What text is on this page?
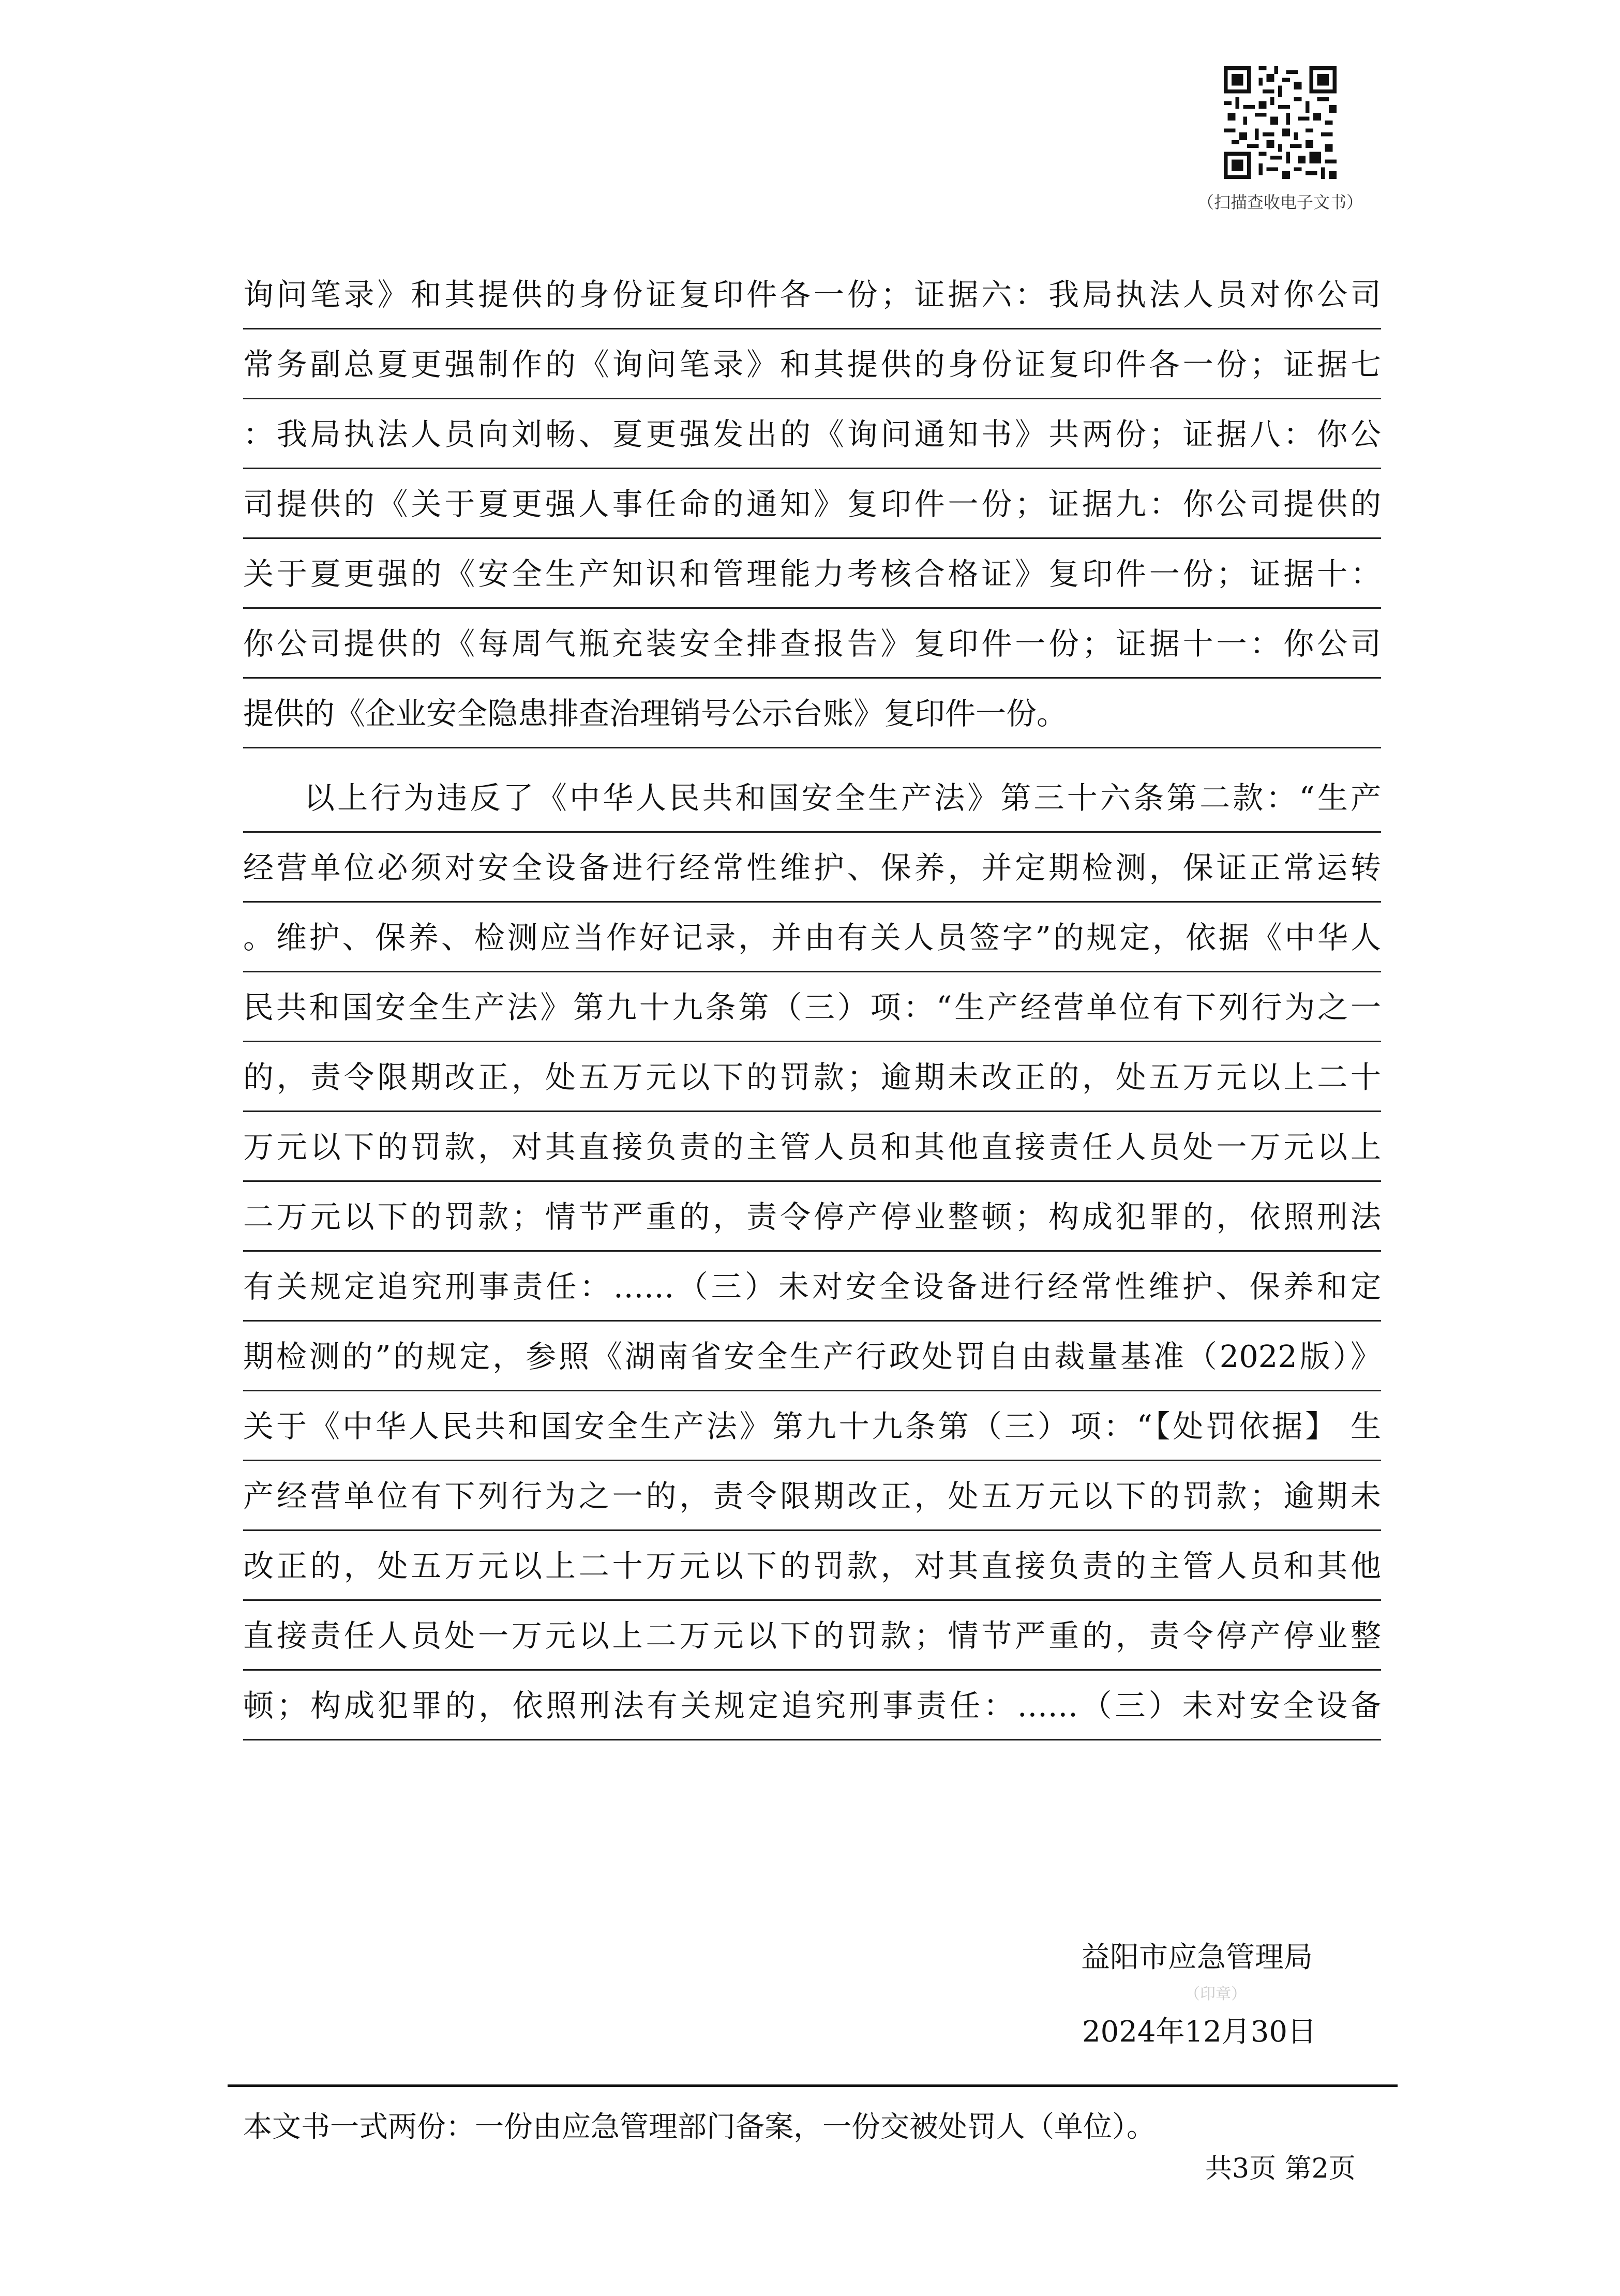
（扫描查收电子文书）
询问笔录》和其提供的身份证复印件各一份；证据六：我局执法人员对你公司
常务副总夏更强制作的《询问笔录》和其提供的身份证复印件各一份；证据七
：我局执法人员向刘畅、夏更强发出的《询问通知书》共两份；证据八：你公
司提供的《关于夏更强人事任命的通知》复印件一份；证据九：你公司提供的
关于夏更强的《安全生产知识和管理能力考核合格证》复印件一份；证据十：
你公司提供的《每周气瓶充装安全排查报告》复印件一份；证据十一：你公司
提供的《企业安全隐患排查治理销号公示台账》复印件一份。
以上行为违反了《中华人民共和国安全生产法》第三十六条第二款：“生产
经营单位必须对安全设备进行经常性维护、保养，并定期检测，保证正常运转
。维护、保养、检测应当作好记录，并由有关人员签字”的规定，依据《中华人
民共和国安全生产法》第九十九条第（三）项：“生产经营单位有下列行为之一
的，责令限期改正，处五万元以下的罚款；逾期未改正的，处五万元以上二十
万元以下的罚款，对其直接负责的主管人员和其他直接责任人员处一万元以上
二万元以下的罚款；情节严重的，责令停产停业整顿；构成犯罪的，依照刑法
有关规定追究刑事责任：……（三）未对安全设备进行经常性维护、保养和定
期检测的”的规定，参照《湖南省安全生产行政处罚自由裁量基准（2022版）》
关于《中华人民共和国安全生产法》第九十九条第（三）项：“【处罚依据】 生
产经营单位有下列行为之一的，责令限期改正，处五万元以下的罚款；逾期未
改正的，处五万元以上二十万元以下的罚款，对其直接负责的主管人员和其他
直接责任人员处一万元以上二万元以下的罚款；情节严重的，责令停产停业整
顿；构成犯罪的，依照刑法有关规定追究刑事责任：……（三）未对安全设备
益阳市应急管理局
（印章）
2024年12月30日
本文书一式两份：一份由应急管理部门备案，一份交被处罚人（单位）。
共3页 第2页
